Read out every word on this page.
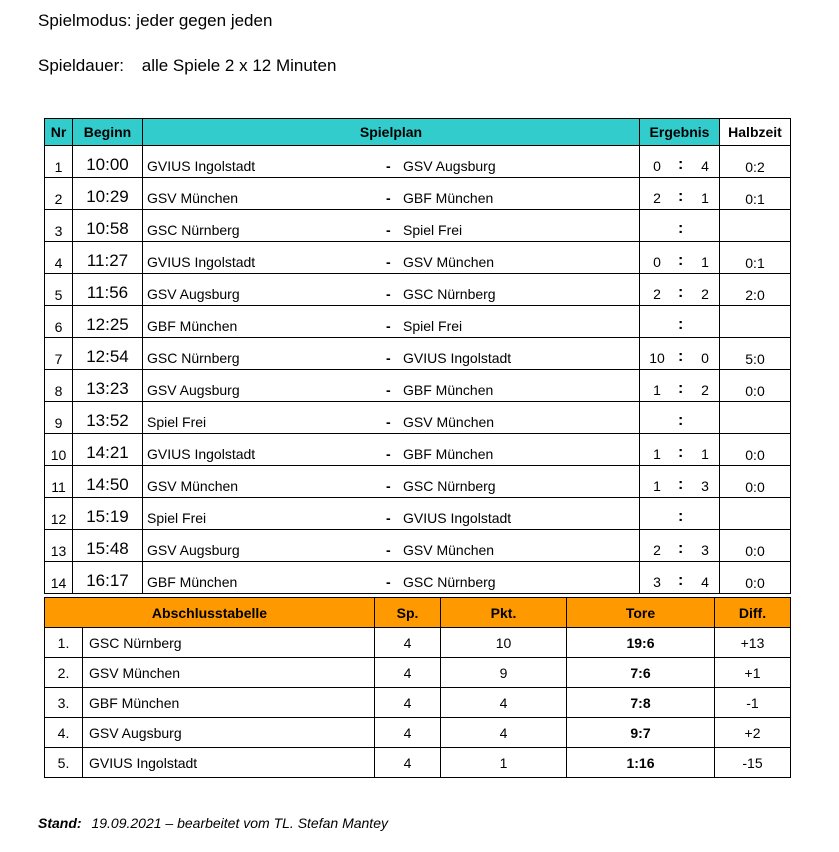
Spielmodus: jeder gegen jeden
Spieldauer: alle Spiele 2 x 12 Minuten
Nr	Beginn	Spielplan	Ergebnis	Halbzeit
1	10:00	GVIUS Ingolstadt - GSV Augsburg	0 : 4	0:2
2	10:29	GSV München - GBF München	2 : 1	0:1
3	10:58	GSC Nürnberg - Spiel Frei	:	

4	11:27	GVIUS Ingolstadt - GSV München	0 : 1	0:1
5	11:56	GSV Augsburg - GSC Nürnberg	2 : 2	2:0
6	12:25	GBF München - Spiel Frei	:	

7	12:54	GSC Nürnberg - GVIUS Ingolstadt	10 : 0	5:0
8	13:23	GSV Augsburg - GBF München	1 : 2	0:0
9	13:52	Spiel Frei - GSV München	:	

10	14:21	GVIUS Ingolstadt - GBF München	1 : 1	0:0
11	14:50	GSV München - GSC Nürnberg	1 : 3	0:0
12	15:19	Spiel Frei - GVIUS Ingolstadt	:	

13	15:48	GSV Augsburg - GSV München	2 : 3	0:0
14	16:17	GBF München - GSC Nürnberg	3 : 4	0:0
Abschlusstabelle		Sp.	Pkt.	Tore	Diff.
1.	GSC Nürnberg	4	10	19:6	+13
2.	GSV München	4	9	7:6	+1
3.	GBF München	4	4	7:8	-1
4.	GSV Augsburg	4	4	9:7	+2
5.	GVIUS Ingolstadt	4	1	1:16	-15
Stand: 19.09.2021 – bearbeitet vom TL. Stefan Mantey
